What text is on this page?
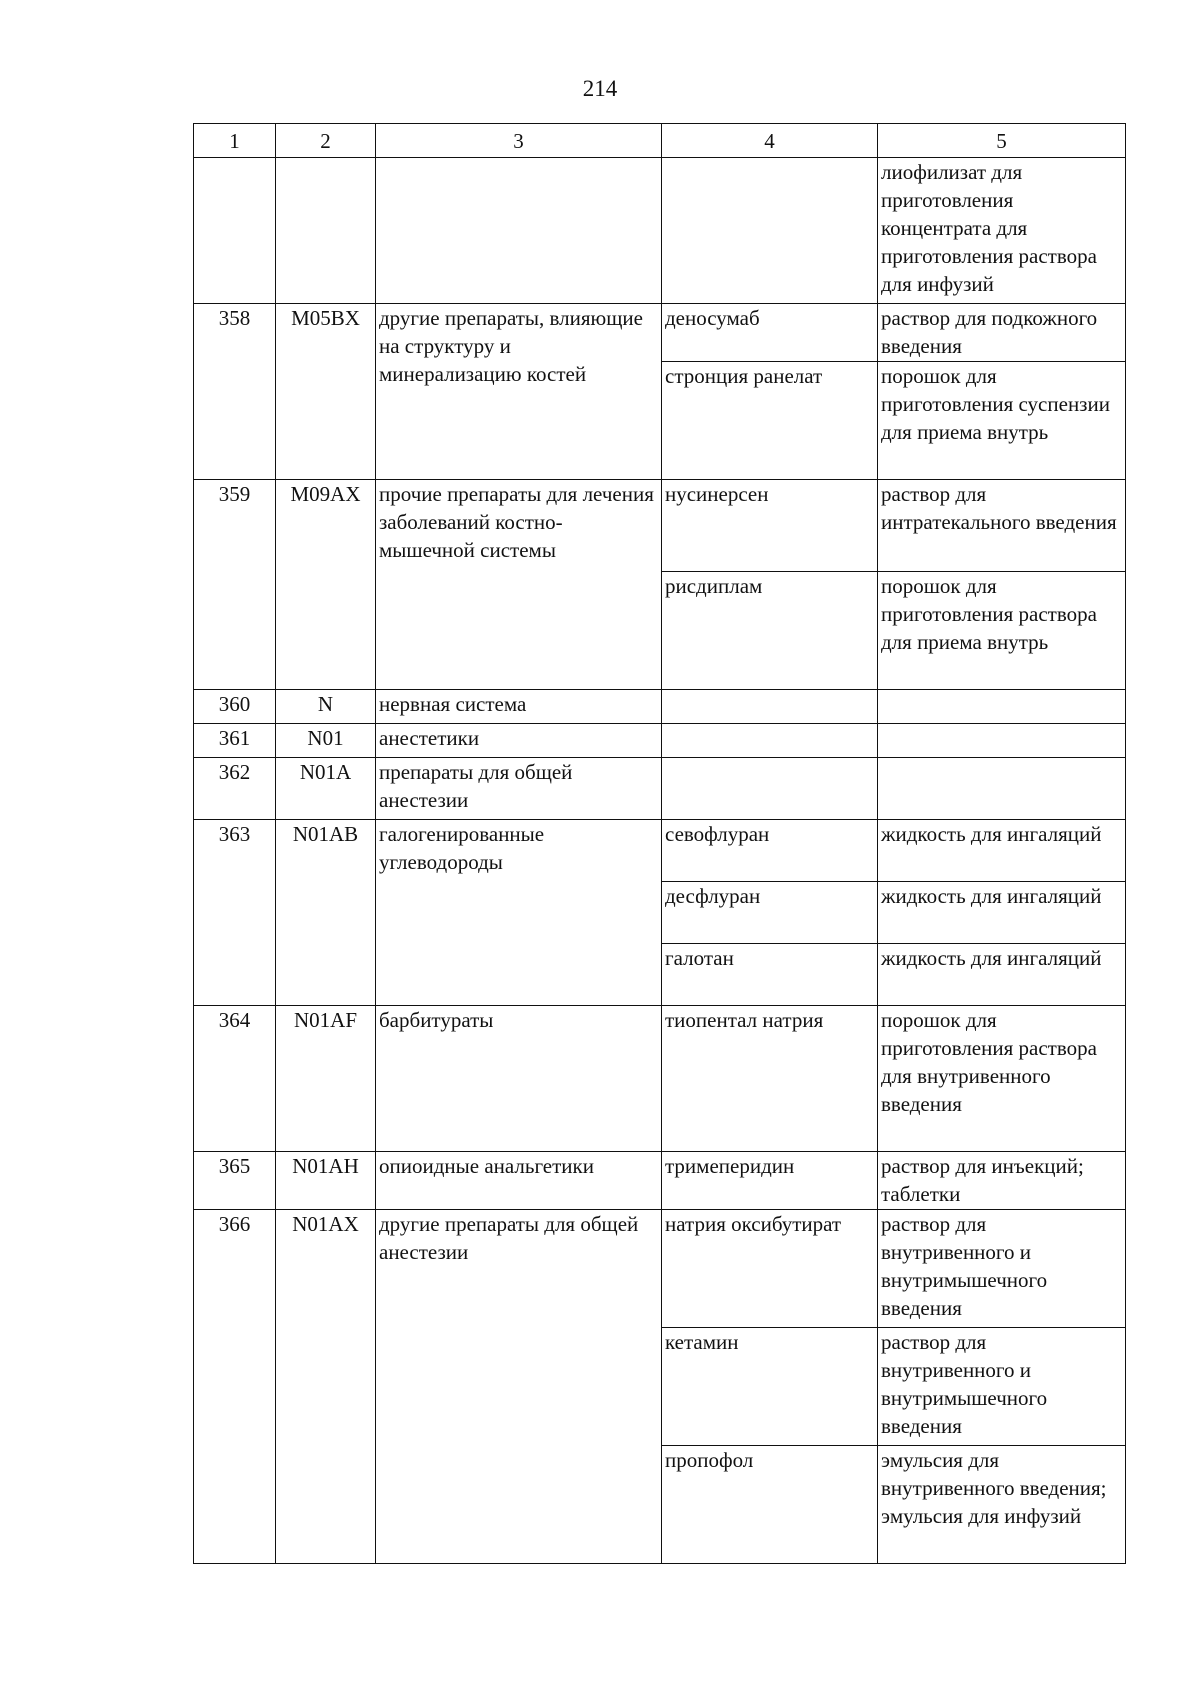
214
1	2	3	4	5
				лиофилизат для приготовления концентрата для приготовления раствора для инфузий
358	M05BX	другие препараты, влияющие на структуру и минерализацию костей	деносумаб	раствор для подкожного введения
			стронция ранелат	порошок для приготовления суспензии для приема внутрь
359	M09AX	прочие препараты для лечения заболеваний костно-мышечной системы	нусинерсен	раствор для интратекального введения
			рисдиплам	порошок для приготовления раствора для приема внутрь
360	N	нервная система		
361	N01	анестетики		
362	N01A	препараты для общей анестезии		
363	N01AB	галогенированные углеводороды	севофлуран	жидкость для ингаляций
			десфлуран	жидкость для ингаляций
			галотан	жидкость для ингаляций
364	N01AF	барбитураты	тиопентал натрия	порошок для приготовления раствора для внутривенного введения
365	N01AH	опиоидные анальгетики	тримеперидин	раствор для инъекций; таблетки
366	N01AX	другие препараты для общей анестезии	натрия оксибутират	раствор для внутривенного и внутримышечного введения
			кетамин	раствор для внутривенного и внутримышечного введения
			пропофол	эмульсия для внутривенного введения; эмульсия для инфузий
